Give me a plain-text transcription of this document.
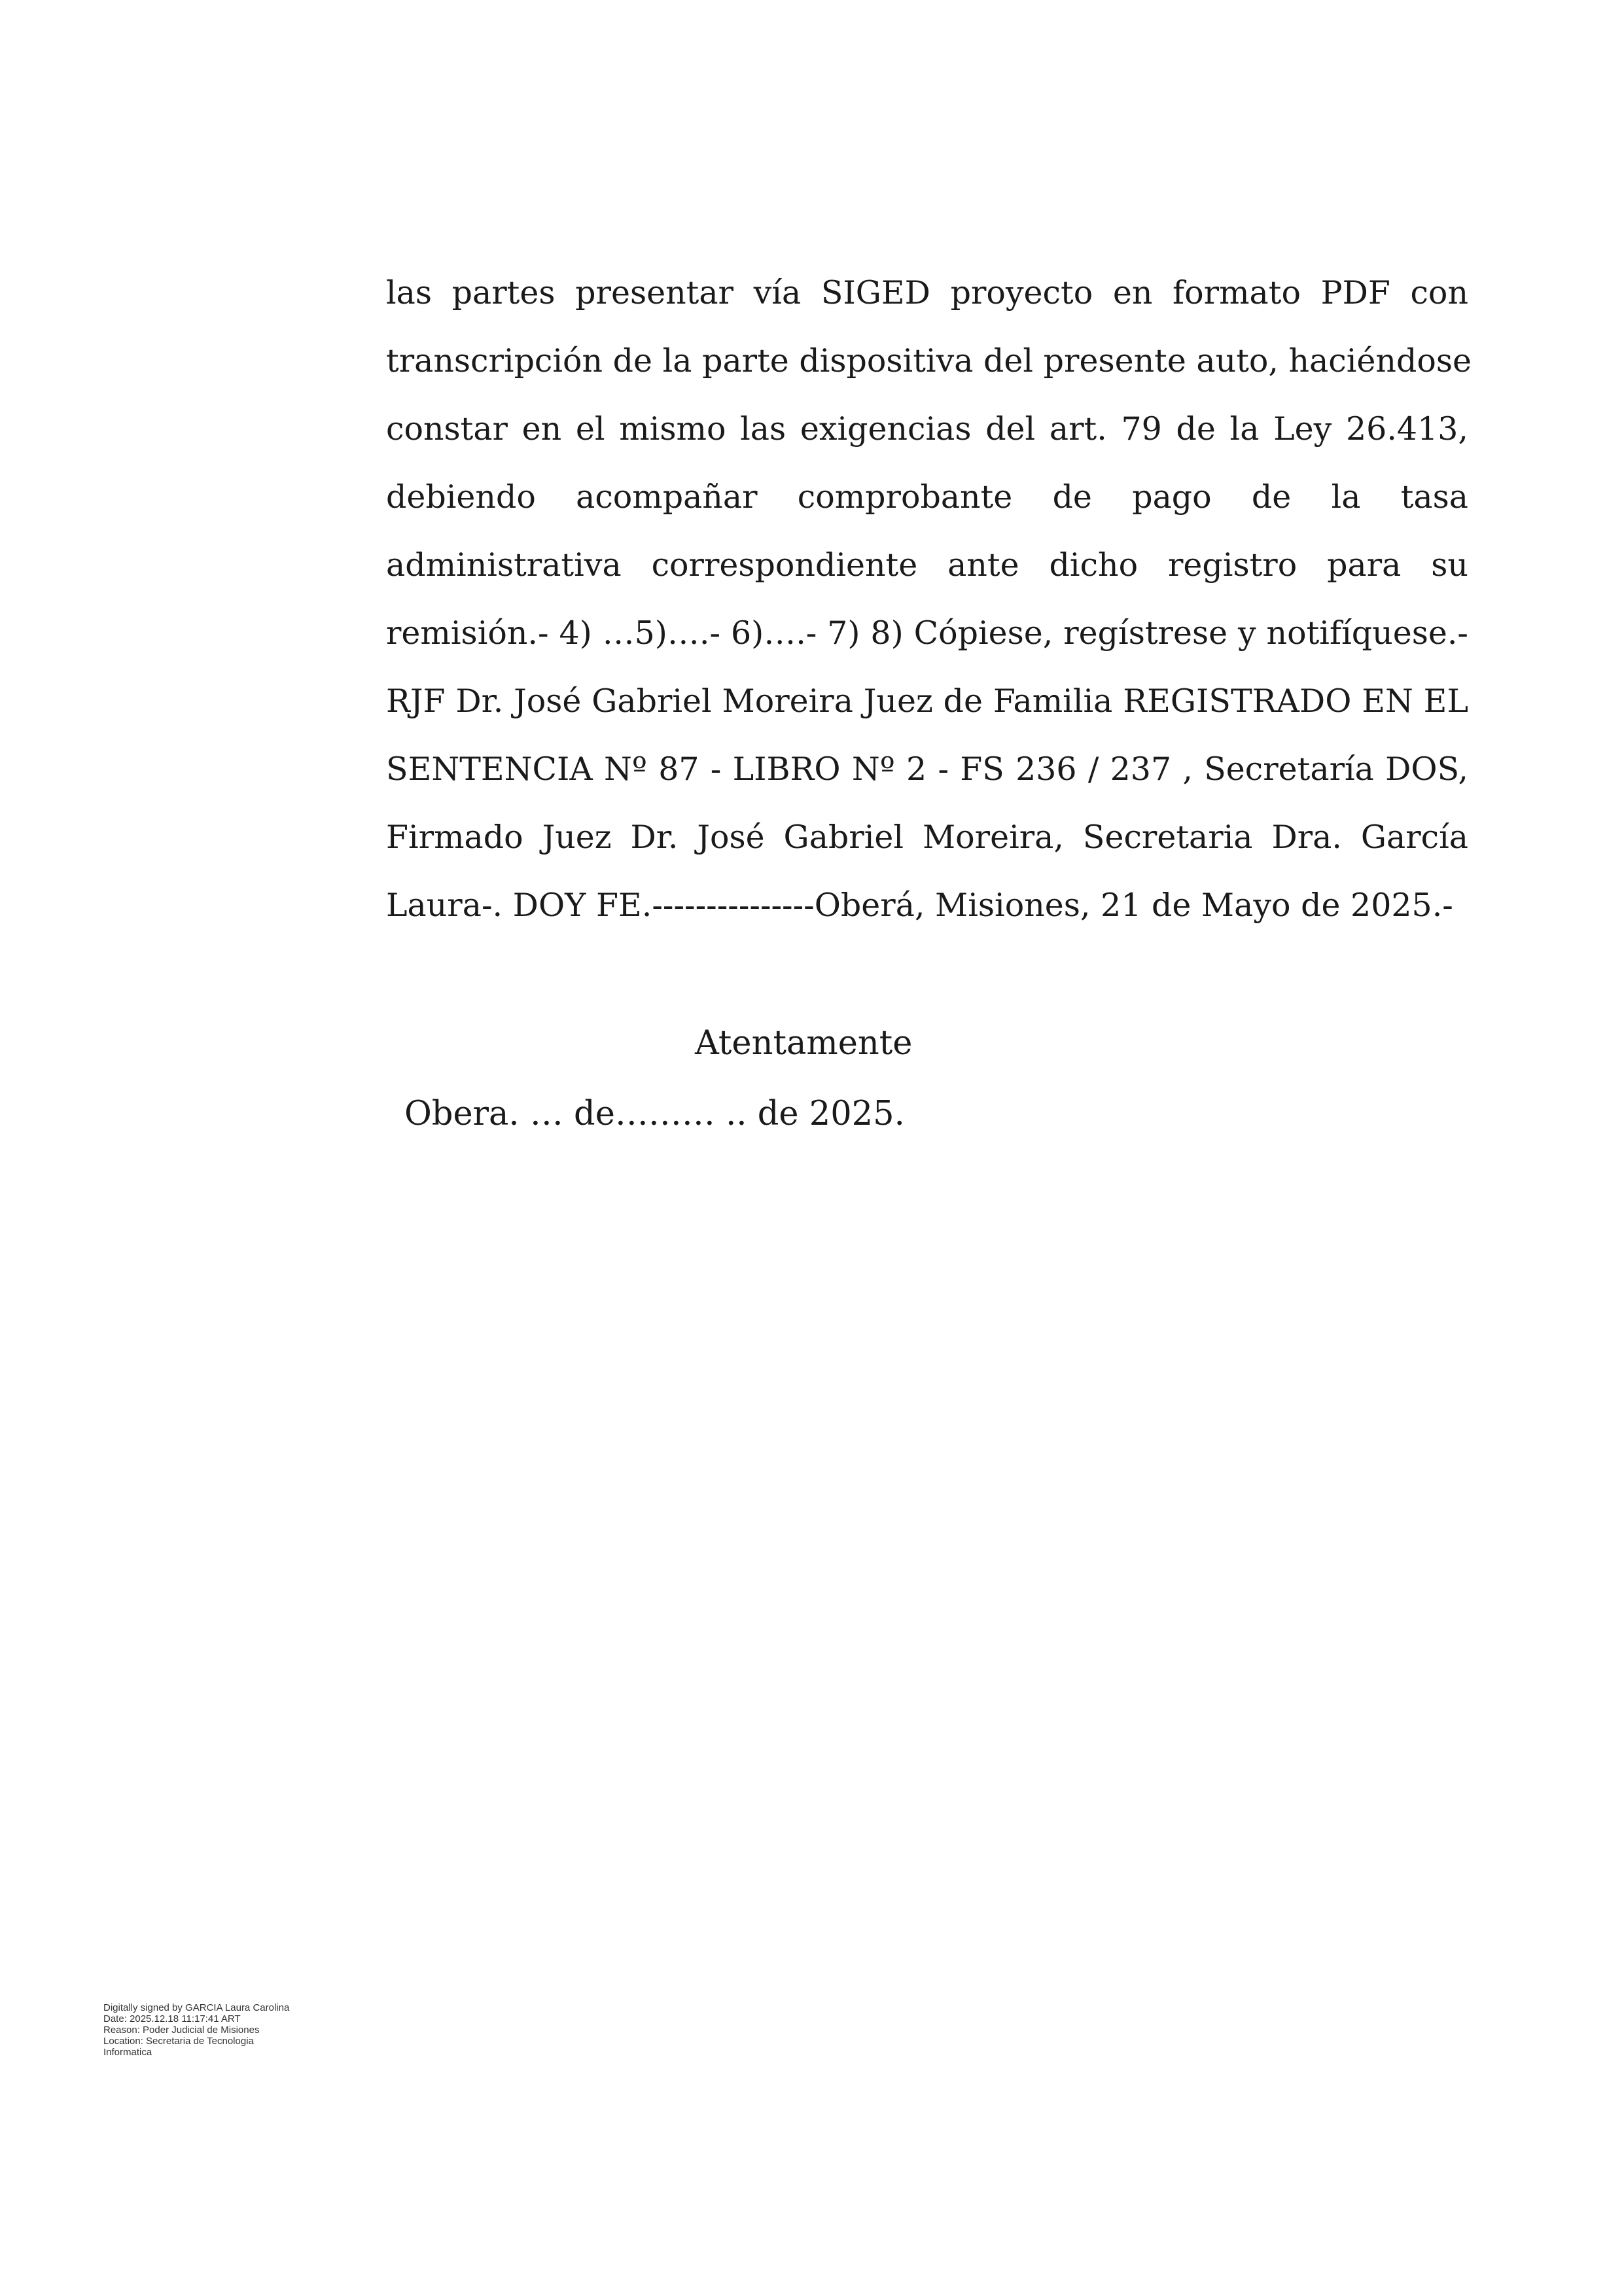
las partes presentar vía SIGED proyecto en formato PDF con
transcripción de la parte dispositiva del presente auto, haciéndose
constar en el mismo las exigencias del art. 79 de la Ley 26.413,
debiendo acompañar comprobante de pago de la tasa
administrativa correspondiente ante dicho registro para su
remisión.- 4) …5)….- 6)….- 7) 8) Cópiese, regístrese y notifíquese.-
RJF Dr. José Gabriel Moreira Juez de Familia REGISTRADO EN EL
SENTENCIA Nº 87 - LIBRO Nº 2 - FS 236 / 237 , Secretaría DOS,
Firmado Juez Dr. José Gabriel Moreira, Secretaria Dra. García
Laura-. DOY FE.---------------Oberá, Misiones, 21 de Mayo de 2025.-
Atentamente
Obera. … de……… .. de 2025.
Digitally signed by GARCIA Laura Carolina
Date: 2025.12.18 11:17:41 ART
Reason: Poder Judicial de Misiones
Location: Secretaria de Tecnologia
Informatica
